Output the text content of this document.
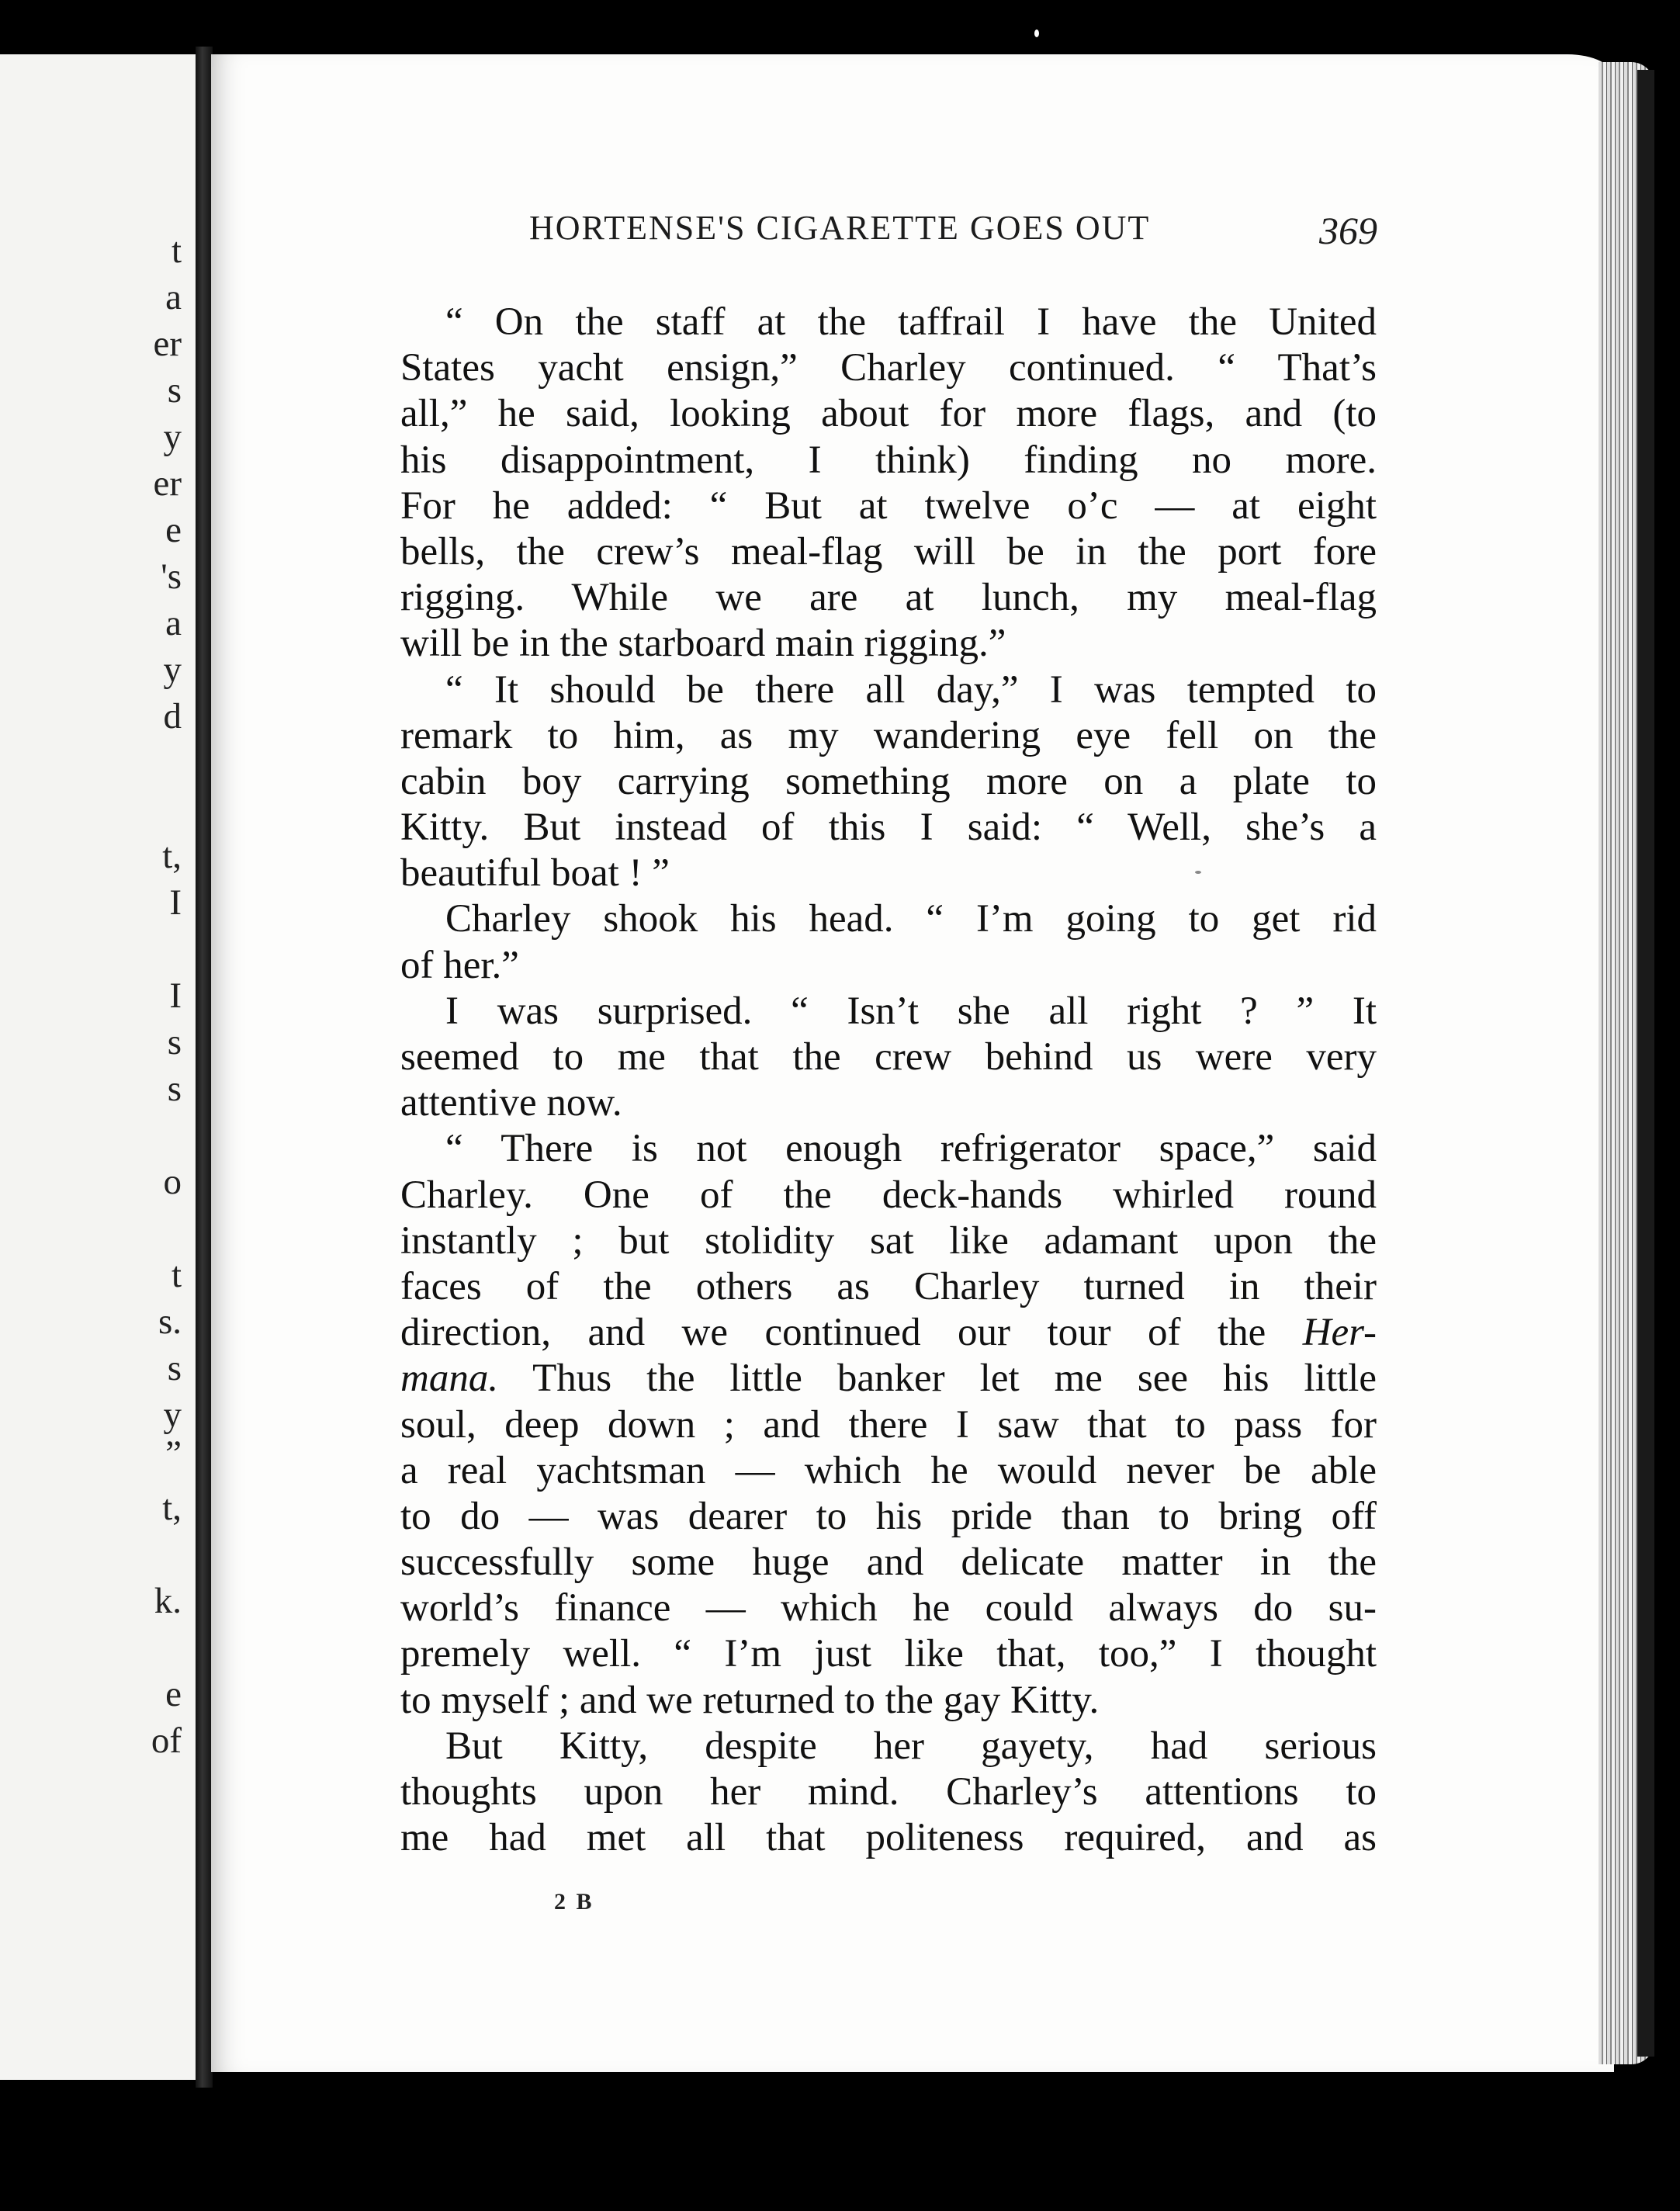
t
a
er
s
y
er
e
's
a
y
d
t,
I
I
s
s
o
t
s.
s
y
”
t,
k.
e
of
HORTENSE'S CIGARETTE GOES OUT	369
“ On the staff at the taffrail I have the United
States yacht ensign,” Charley continued. “ That’s
all,” he said, looking about for more flags, and (to
his disappointment, I think) finding no more.
For he added: “ But at twelve o’c — at eight
bells, the crew’s meal-flag will be in the port fore
rigging. While we are at lunch, my meal-flag
will be in the starboard main rigging.”
“ It should be there all day,” I was tempted to
remark to him, as my wandering eye fell on the
cabin boy carrying something more on a plate to
Kitty. But instead of this I said: “ Well, she’s a
beautiful boat ! ”
Charley shook his head. “ I’m going to get rid
of her.”
I was surprised. “ Isn’t she all right ? ” It
seemed to me that the crew behind us were very
attentive now.
“ There is not enough refrigerator space,” said
Charley. One of the deck-hands whirled round
instantly ; but stolidity sat like adamant upon the
faces of the others as Charley turned in their
direction, and we continued our tour of the Her-
mana. Thus the little banker let me see his little
soul, deep down ; and there I saw that to pass for
a real yachtsman — which he would never be able
to do — was dearer to his pride than to bring off
successfully some huge and delicate matter in the
world’s finance — which he could always do su-
premely well. “ I’m just like that, too,” I thought
to myself ; and we returned to the gay Kitty.
But Kitty, despite her gayety, had serious
thoughts upon her mind. Charley’s attentions to
me had met all that politeness required, and as
2 B
